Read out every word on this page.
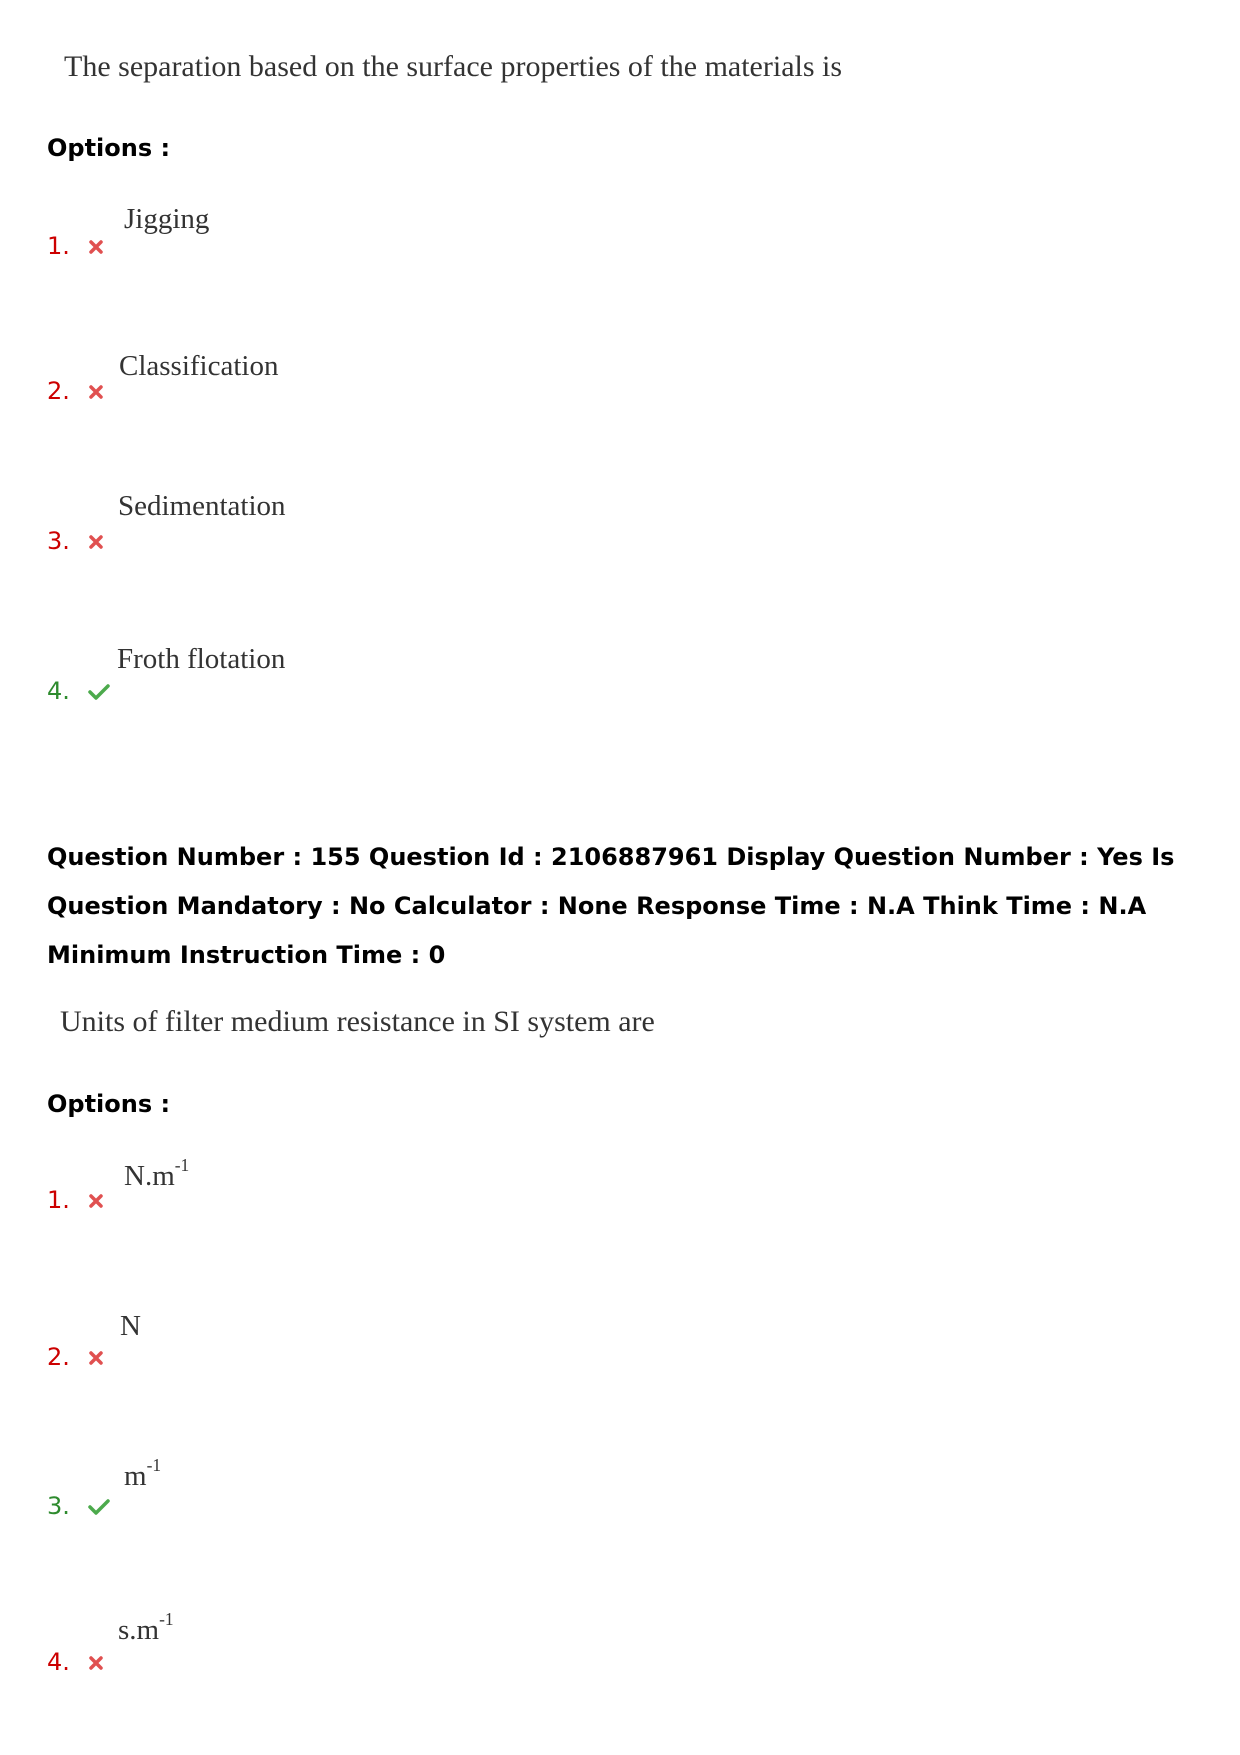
The separation based on the surface properties of the materials is
Options :
1.
Jigging
2.
Classification
3.
Sedimentation
4.
Froth flotation
Question Number : 155 Question Id : 2106887961 Display Question Number : Yes Is Question Mandatory : No Calculator : None Response Time : N.A Think Time : N.A Minimum Instruction Time : 0
Units of filter medium resistance in SI system are
Options :
1.
$N.m^{-1}$
2.
N
3.
$m^{-1}$
4.
$s.m^{-1}$
